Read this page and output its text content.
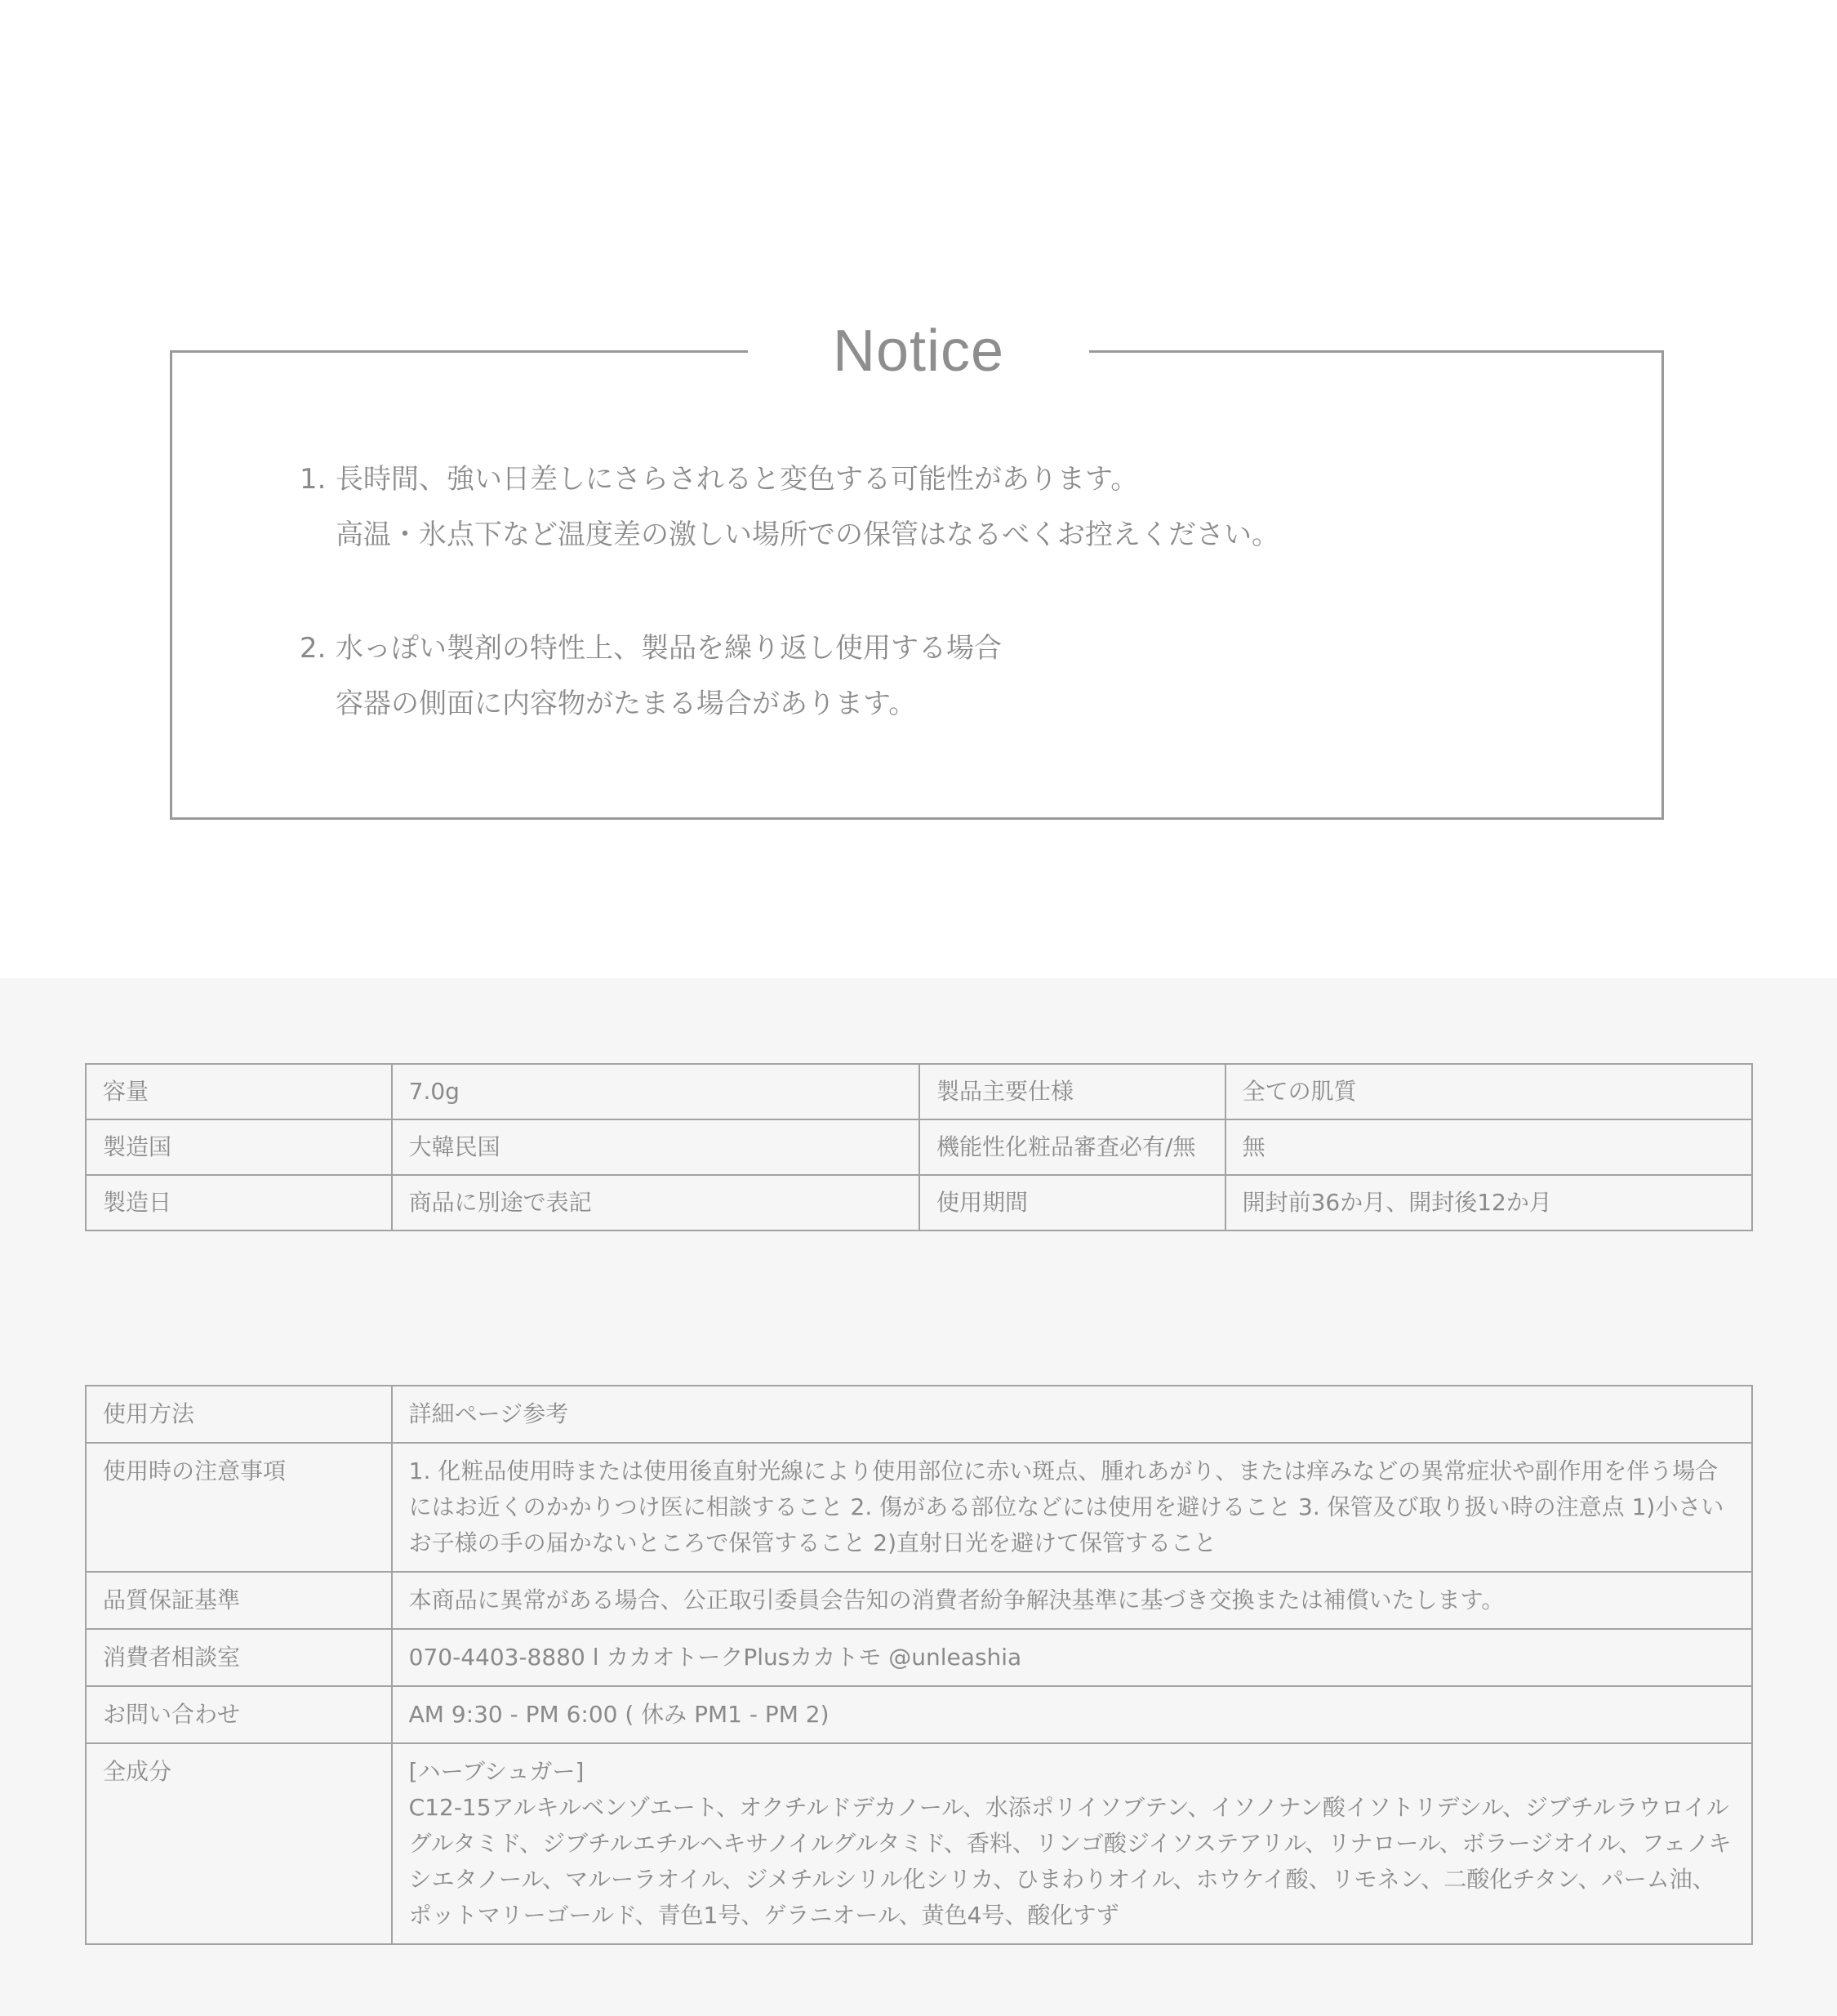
Notice
1. 長時間、強い日差しにさらされると変色する可能性があります。
高温・氷点下など温度差の激しい場所での保管はなるべくお控えください。
2. 水っぽい製剤の特性上、製品を繰り返し使用する場合
容器の側面に内容物がたまる場合があります。
容量	7.0g	製品主要仕様	全ての肌質
製造国	大韓民国	機能性化粧品審査必有/無	無
製造日	商品に別途で表記	使用期間	開封前36か月、開封後12か月
使用方法	詳細ページ参考
使用時の注意事項	1. 化粧品使用時または使用後直射光線により使用部位に赤い斑点、腫れあがり、または痒みなどの異常症状や副作用を伴う場合にはお近くのかかりつけ医に相談すること 2. 傷がある部位などには使用を避けること 3. 保管及び取り扱い時の注意点 1)小さいお子様の手の届かないところで保管すること 2)直射日光を避けて保管すること
品質保証基準	本商品に異常がある場合、公正取引委員会告知の消費者紛争解決基準に基づき交換または補償いたします。
消費者相談室	070-4403-8880 l カカオトークPlusカカトモ @unleashia
お問い合わせ	AM 9:30 - PM 6:00 ( 休み PM1 - PM 2)
全成分	[ハーブシュガー]
C12-15アルキルベンゾエート、オクチルドデカノール、水添ポリイソブテン、イソノナン酸イソトリデシル、ジブチルラウロイルグルタミド、ジブチルエチルヘキサノイルグルタミド、香料、リンゴ酸ジイソステアリル、リナロール、ボラージオイル、フェノキシエタノール、マルーラオイル、ジメチルシリル化シリカ、ひまわりオイル、ホウケイ酸、リモネン、二酸化チタン、パーム油、ポットマリーゴールド、青色1号、ゲラニオール、黄色4号、酸化すず
